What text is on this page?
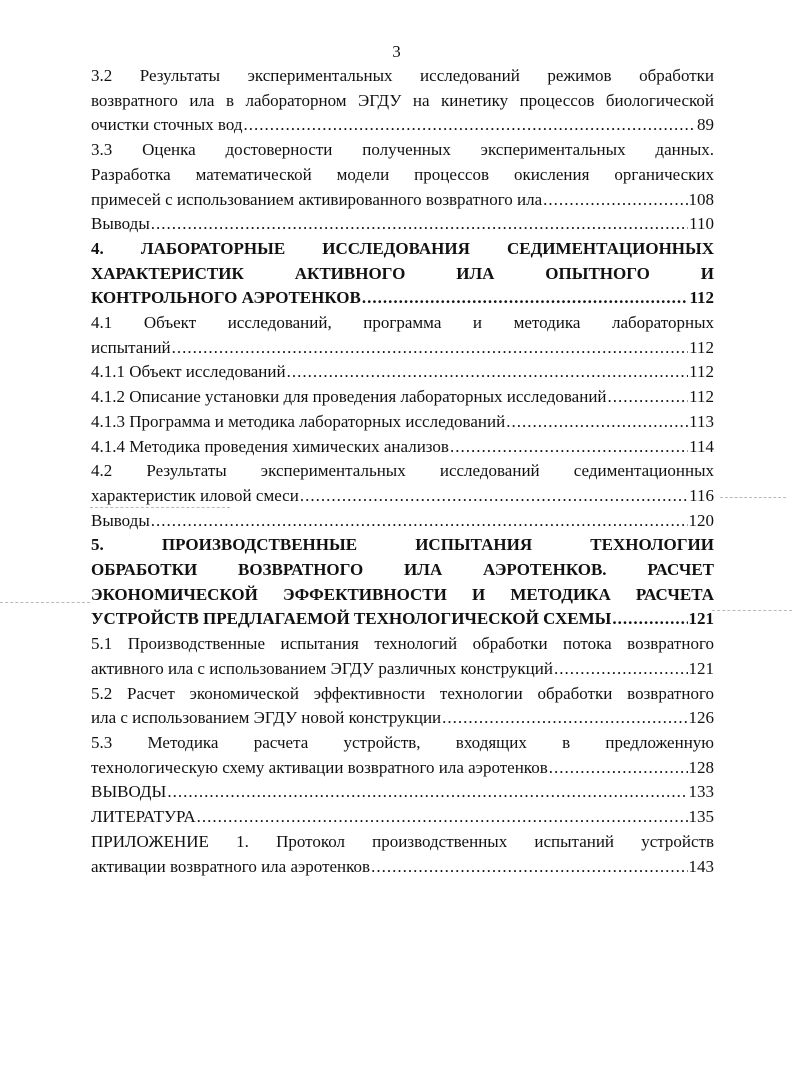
3
3.2 Результаты экспериментальных исследований режимов обработки
возвратного ила в лабораторном ЭГДУ на кинетику процессов биологической
очистки сточных вод .....	89
3.3 Оценка достоверности полученных экспериментальных данных.
Разработка математической модели процессов окисления органических
примесей с использованием активированного возвратного ила .....	108
Выводы .....	110
4. ЛАБОРАТОРНЫЕ ИССЛЕДОВАНИЯ СЕДИМЕНТАЦИОННЫХ
ХАРАКТЕРИСТИК АКТИВНОГО ИЛА ОПЫТНОГО И
КОНТРОЛЬНОГО АЭРОТЕНКОВ .....	112
4.1 Объект исследований, программа и методика лабораторных
испытаний .....	112
4.1.1 Объект исследований .....	112
4.1.2 Описание установки для проведения лабораторных исследований .....	112
4.1.3 Программа и методика лабораторных исследований .....	113
4.1.4 Методика проведения химических анализов .....	114
4.2 Результаты экспериментальных исследований седиментационных
характеристик иловой смеси .....	116
Выводы .....	120
5. ПРОИЗВОДСТВЕННЫЕ ИСПЫТАНИЯ ТЕХНОЛОГИИ
ОБРАБОТКИ ВОЗВРАТНОГО ИЛА АЭРОТЕНКОВ. РАСЧЕТ
ЭКОНОМИЧЕСКОЙ ЭФФЕКТИВНОСТИ И МЕТОДИКА РАСЧЕТА
УСТРОЙСТВ ПРЕДЛАГАЕМОЙ ТЕХНОЛОГИЧЕСКОЙ СХЕМЫ .....	121
5.1 Производственные испытания технологий обработки потока возвратного
активного ила с использованием ЭГДУ различных конструкций .....	121
5.2 Расчет экономической эффективности технологии обработки возвратного
ила с использованием ЭГДУ новой конструкции .....	126
5.3 Методика расчета устройств, входящих в предложенную
технологическую схему активации возвратного ила аэротенков .....	128
ВЫВОДЫ .....	133
ЛИТЕРАТУРА .....	135
ПРИЛОЖЕНИЕ 1. Протокол производственных испытаний устройств
активации возвратного ила аэротенков .....	143
